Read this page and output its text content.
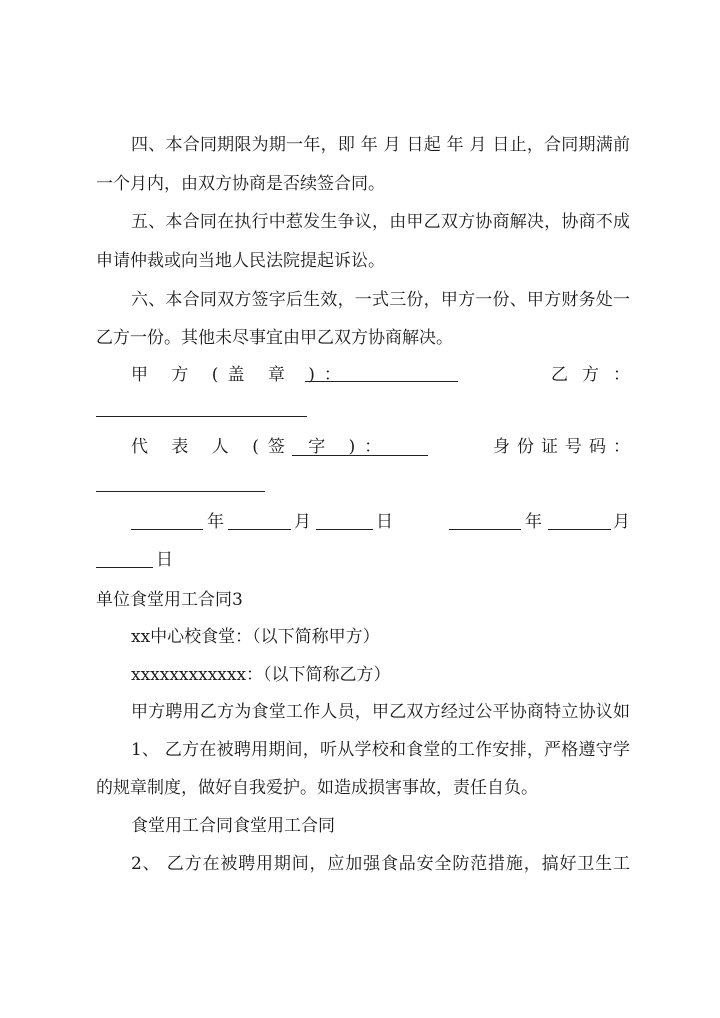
四、本合同期限为期一年，即 年 月 日起 年 月 日止，合同期满前
一个月内，由双方协商是否续签合同。
五、本合同在执行中惹发生争议，由甲乙双方协商解决，协商不成
申请仲裁或向当地人民法院提起诉讼。
六、本合同双方签字后生效，一式三份，甲方一份、甲方财务处一
乙方一份。其他未尽事宜由甲乙双方协商解决。
甲 方 (盖 章 )：	乙 方 ：
代 表 人 (签 字 )：	身 份 证 号 码 ：
年	月	日	年	月
日
单位食堂用工合同3
xx中心校食堂：（以下简称甲方）
xxxxxxxxxxxx：（以下简称乙方）
甲方聘用乙方为食堂工作人员，甲乙双方经过公平协商特立协议如
1、 乙方在被聘用期间，听从学校和食堂的工作安排，严格遵守学
的规章制度，做好自我爱护。如造成损害事故，责任自负。
食堂用工合同食堂用工合同
2、 乙方在被聘用期间，应加强食品安全防范措施，搞好卫生工
